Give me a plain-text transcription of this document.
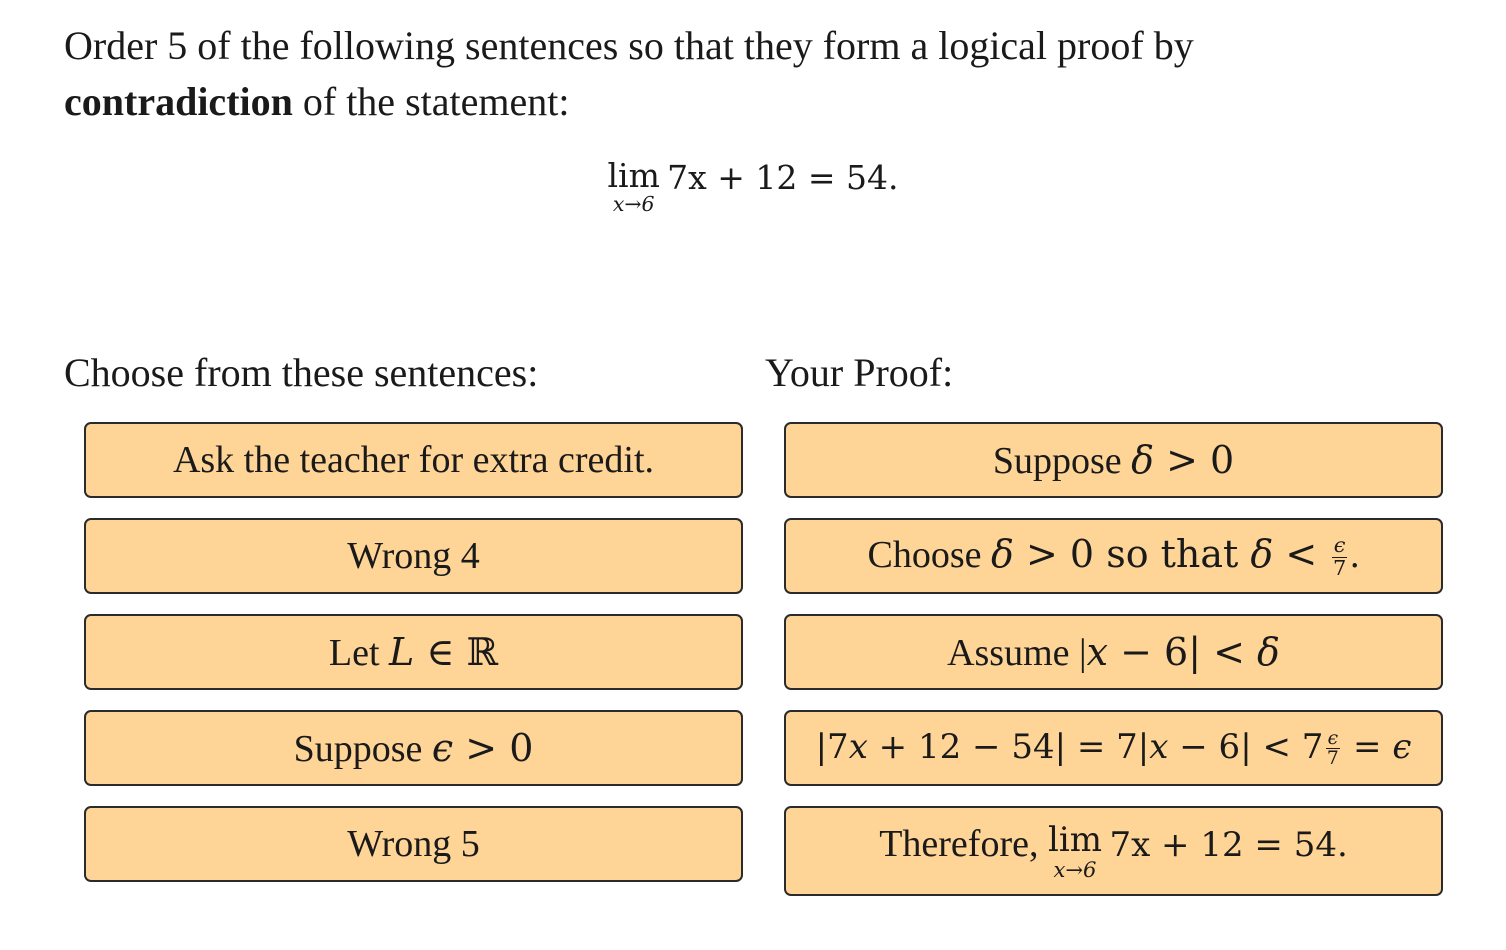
Order 5 of the following sentences so that they form a logical proof by contradiction of the statement:

lim
x→6
7x + 12 = 54.

Choose from these sentences:	Your Proof:

Ask the teacher for extra credit.
Wrong 4
Let L ∈ ℝ
Suppose ϵ > 0
Wrong 5
Suppose δ > 0
Choose δ > 0 so that $\delta < \frac{\epsilon}{7}$ .
Assume |x − 6| < δ
$|7x + 12 - 54| = 7|x - 6| < 7 \frac{\epsilon}{7} = \epsilon$
Therefore, lim
x→6
7x + 12 = 54.
